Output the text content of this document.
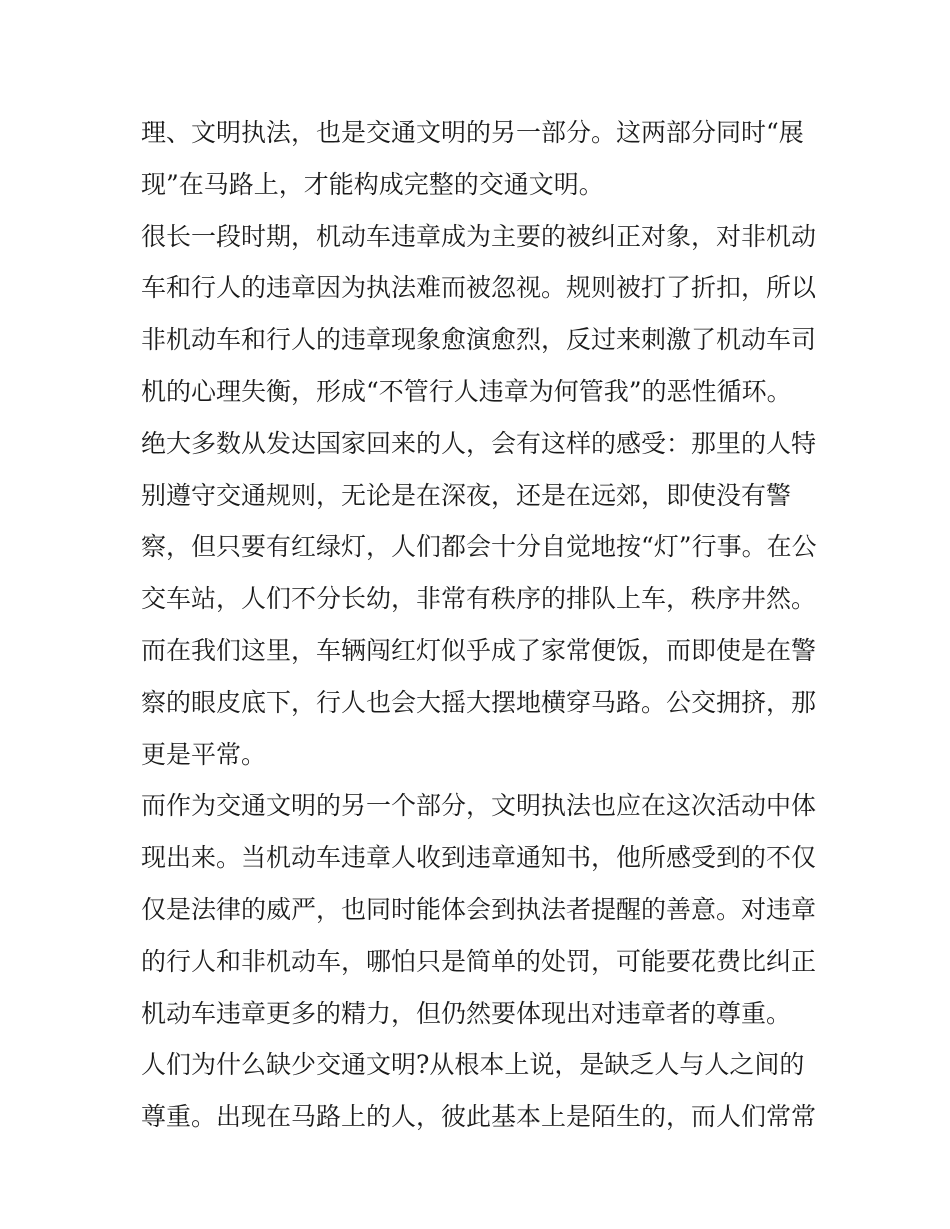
理、文明执法，也是交通文明的另一部分。这两部分同时“展
现”在马路上，才能构成完整的交通文明。
很长一段时期，机动车违章成为主要的被纠正对象，对非机动
车和行人的违章因为执法难而被忽视。规则被打了折扣，所以
非机动车和行人的违章现象愈演愈烈，反过来刺激了机动车司
机的心理失衡，形成“不管行人违章为何管我”的恶性循环。
绝大多数从发达国家回来的人，会有这样的感受：那里的人特
别遵守交通规则，无论是在深夜，还是在远郊，即使没有警
察，但只要有红绿灯，人们都会十分自觉地按“灯”行事。在公
交车站，人们不分长幼，非常有秩序的排队上车，秩序井然。
而在我们这里，车辆闯红灯似乎成了家常便饭，而即使是在警
察的眼皮底下，行人也会大摇大摆地横穿马路。公交拥挤，那
更是平常。
而作为交通文明的另一个部分，文明执法也应在这次活动中体
现出来。当机动车违章人收到违章通知书，他所感受到的不仅
仅是法律的威严，也同时能体会到执法者提醒的善意。对违章
的行人和非机动车，哪怕只是简单的处罚，可能要花费比纠正
机动车违章更多的精力，但仍然要体现出对违章者的尊重。
人们为什么缺少交通文明?从根本上说，是缺乏人与人之间的
尊重。出现在马路上的人，彼此基本上是陌生的，而人们常常
